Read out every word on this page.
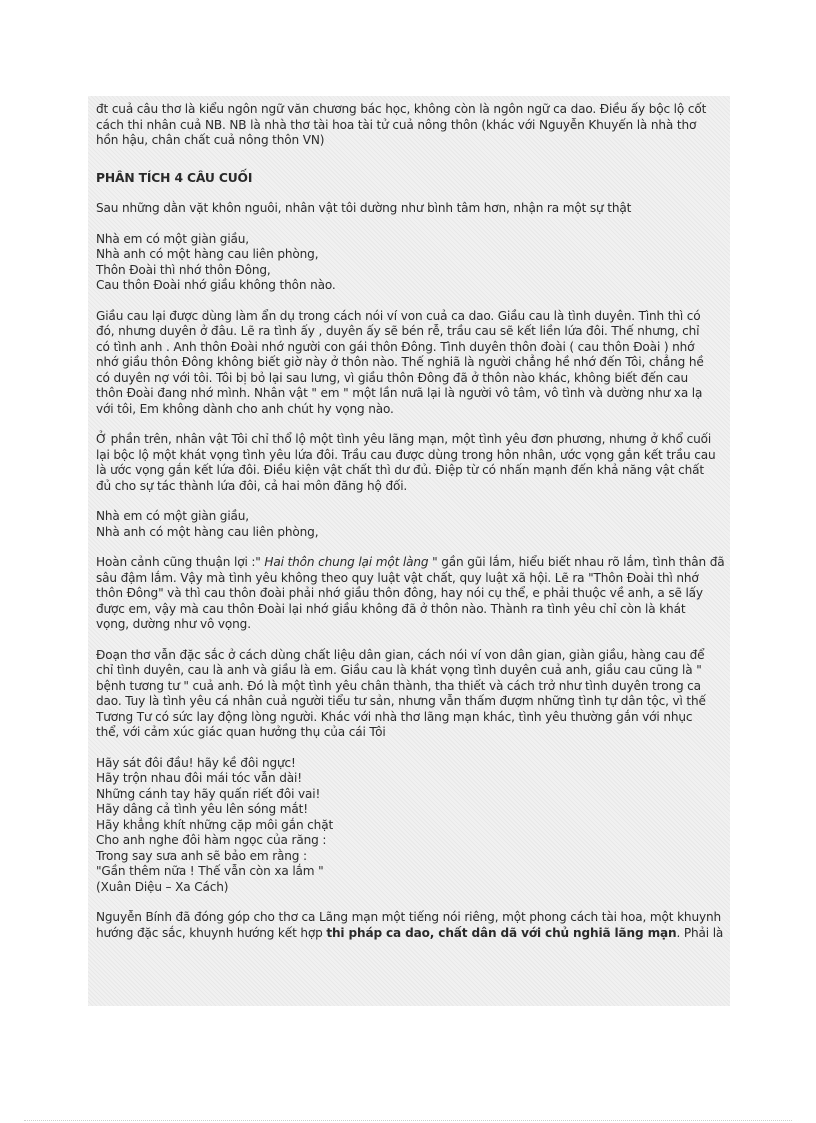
đt cuả câu thơ là kiểu ngôn ngữ văn chương bác học, không còn là ngôn ngữ ca dao. Điều ấy bộc lộ cốt
cách thi nhân cuả NB. NB là nhà thơ tài hoa tài tử cuả nông thôn (khác với Nguyễn Khuyến là nhà thơ
hồn hậu, chân chất cuả nông thôn VN)

PHÂN TÍCH 4 CÂU CUỐI

Sau những dằn vặt khôn nguôi, nhân vật tôi dường như bình tâm hơn, nhận ra một sự thật

Nhà em có một giàn giầu,
Nhà anh có một hàng cau liên phòng,
Thôn Đoài thì nhớ thôn Đông,
Cau thôn Đoài nhớ giầu không thôn nào.

Giầu cau lại được dùng làm ẩn dụ trong cách nói ví von cuả ca dao. Giầu cau là tình duyên. Tình thì có
đó, nhưng duyên ở đâu. Lẽ ra tình ấy , duyên ấy sẽ bén rễ, trầu cau sẽ kết liền lứa đôi. Thế nhưng, chỉ
có tình anh . Anh thôn Đoài nhớ người con gái thôn Đông. Tình duyên thôn đoài ( cau thôn Đoài ) nhớ
nhớ giầu thôn Đông không biết giờ này ở thôn nào. Thế nghiã là người chẳng hề nhớ đến Tôi, chẳng hề
có duyên nợ với tôi. Tôi bị bỏ lại sau lưng, vì giầu thôn Đông đã ở thôn nào khác, không biết đến cau
thôn Đoài đang nhớ mình. Nhân vật " em " một lần nưã lại là người vô tâm, vô tình và dường như xa lạ
với tôi, Em không dành cho anh chút hy vọng nào.

Ở phần trên, nhân vật Tôi chỉ thổ lộ một tình yêu lãng mạn, một tình yêu đơn phương, nhưng ở khổ cuối
lại bộc lộ một khát vọng tình yêu lứa đôi. Trầu cau được dùng trong hôn nhân, ước vọng gắn kết trầu cau
là ước vọng gắn kết lứa đôi. Điều kiện vật chất thì dư đủ. Điệp từ có nhấn mạnh đến khả năng vật chất
đủ cho sự tác thành lứa đôi, cả hai môn đăng hộ đối.

Nhà em có một giàn giầu,
Nhà anh có một hàng cau liên phòng,

Hoàn cảnh cũng thuận lợi :" Hai thôn chung lại một làng " gần gũi lắm, hiểu biết nhau rõ lắm, tình thân đã
sâu đậm lắm. Vậy mà tình yêu không theo quy luật vật chất, quy luật xã hội. Lẽ ra "Thôn Đoài thì nhớ
thôn Đông" và thì cau thôn đoài phải nhớ giầu thôn đông, hay nói cụ thể, e phải thuộc về anh, a sẽ lấy
được em, vậy mà cau thôn Đoài lại nhớ giầu không đã ở thôn nào. Thành ra tình yêu chỉ còn là khát
vọng, dường như vô vọng.

Đoạn thơ vẫn đặc sắc ở cách dùng chất liệu dân gian, cách nói ví von dân gian, giàn giầu, hàng cau để
chỉ tình duyên, cau là anh và giầu là em. Giầu cau là khát vọng tình duyên cuả anh, giầu cau cũng là "
bệnh tương tư " cuả anh. Đó là một tình yêu chân thành, tha thiết và cách trở như tình duyên trong ca
dao. Tuy là tình yêu cá nhân cuả người tiểu tư sản, nhưng vẫn thấm đượm những tình tự dân tộc, vì thế
Tương Tư có sức lay động lòng người. Khác với nhà thơ lãng mạn khác, tình yêu thường gắn với nhục
thể, với cảm xúc giác quan hưởng thụ của cái Tôi

Hãy sát đôi đầu! hãy kề đôi ngực!
Hãy trộn nhau đôi mái tóc vẫn dài!
Những cánh tay hãy quấn riết đôi vai!
Hãy dâng cả tình yêu lên sóng mắt!
Hãy khẳng khít những cặp môi gắn chặt
Cho anh nghe đôi hàm ngọc của răng :
Trong say sưa anh sẽ bảo em rằng :
"Gần thêm nữa ! Thế vẫn còn xa lắm "
(Xuân Diệu – Xa Cách)

Nguyễn Bính đã đóng góp cho thơ ca Lãng mạn một tiếng nói riêng, một phong cách tài hoa, một khuynh
hướng đặc sắc, khuynh hướng kết hợp thi pháp ca dao, chất dân dã với chủ nghiã lãng mạn. Phải là
